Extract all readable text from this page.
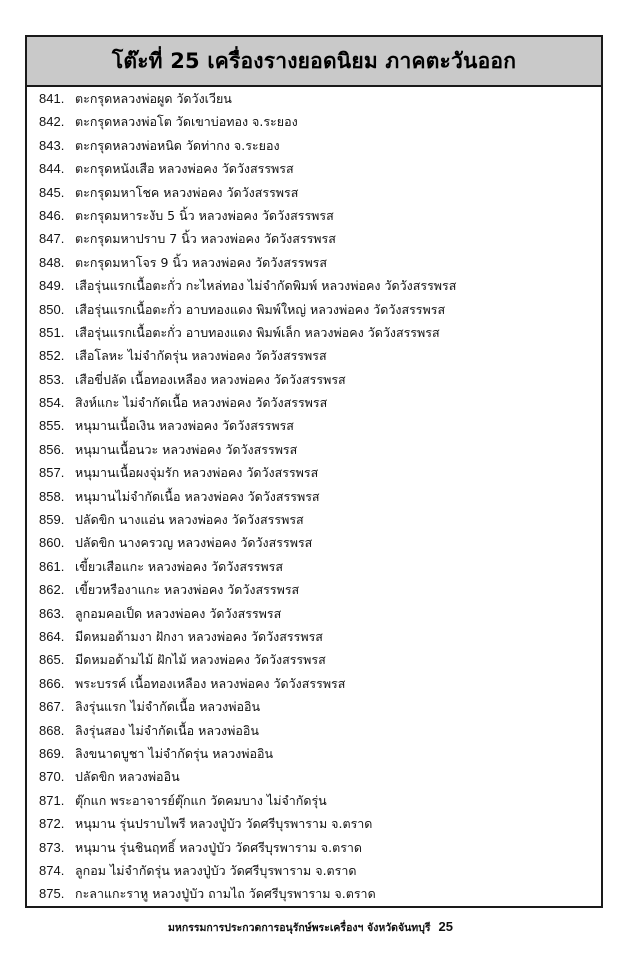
โต๊ะที่ 25 เครื่องรางยอดนิยม ภาคตะวันออก
841. ตะกรุดหลวงพ่อผูด วัดวังเวียน
842. ตะกรุดหลวงพ่อโต วัดเขาบ่อทอง จ.ระยอง
843. ตะกรุดหลวงพ่อหนิด วัดท่ากง จ.ระยอง
844. ตะกรุดหนังเสือ หลวงพ่อคง วัดวังสรรพรส
845. ตะกรุดมหาโชค หลวงพ่อคง วัดวังสรรพรส
846. ตะกรุดมหาระงับ 5 นิ้ว หลวงพ่อคง วัดวังสรรพรส
847. ตะกรุดมหาปราบ 7 นิ้ว หลวงพ่อคง วัดวังสรรพรส
848. ตะกรุดมหาโจร 9 นิ้ว หลวงพ่อคง วัดวังสรรพรส
849. เสือรุ่นแรกเนื้อตะกั่ว กะไหล่ทอง ไม่จำกัดพิมพ์ หลวงพ่อคง วัดวังสรรพรส
850. เสือรุ่นแรกเนื้อตะกั่ว อาบทองแดง พิมพ์ใหญ่ หลวงพ่อคง วัดวังสรรพรส
851. เสือรุ่นแรกเนื้อตะกั่ว อาบทองแดง พิมพ์เล็ก หลวงพ่อคง วัดวังสรรพรส
852. เสือโลหะ ไม่จำกัดรุ่น หลวงพ่อคง วัดวังสรรพรส
853. เสือขี่ปลัด เนื้อทองเหลือง หลวงพ่อคง วัดวังสรรพรส
854. สิงห์แกะ ไม่จำกัดเนื้อ หลวงพ่อคง วัดวังสรรพรส
855. หนุมานเนื้อเงิน หลวงพ่อคง วัดวังสรรพรส
856. หนุมานเนื้อนวะ หลวงพ่อคง วัดวังสรรพรส
857. หนุมานเนื้อผงจุ่มรัก หลวงพ่อคง วัดวังสรรพรส
858. หนุมานไม่จำกัดเนื้อ หลวงพ่อคง วัดวังสรรพรส
859. ปลัดขิก นางแอ่น หลวงพ่อคง วัดวังสรรพรส
860. ปลัดขิก นางครวญ หลวงพ่อคง วัดวังสรรพรส
861. เขี้ยวเสือแกะ หลวงพ่อคง วัดวังสรรพรส
862. เขี้ยวหรืองาแกะ หลวงพ่อคง วัดวังสรรพรส
863. ลูกอมคอเป็ด หลวงพ่อคง วัดวังสรรพรส
864. มีดหมอด้ามงา ฝักงา หลวงพ่อคง วัดวังสรรพรส
865. มีดหมอด้ามไม้ ฝักไม้ หลวงพ่อคง วัดวังสรรพรส
866. พระบรรค์ เนื้อทองเหลือง หลวงพ่อคง วัดวังสรรพรส
867. ลิงรุ่นแรก ไม่จำกัดเนื้อ หลวงพ่ออิน
868. ลิงรุ่นสอง ไม่จำกัดเนื้อ หลวงพ่ออิน
869. ลิงขนาดบูชา ไม่จำกัดรุ่น หลวงพ่ออิน
870. ปลัดขิก หลวงพ่ออิน
871. ตุ๊กแก พระอาจารย์ตุ๊กแก วัดคมบาง ไม่จำกัดรุ่น
872. หนุมาน รุ่นปราบไพรี หลวงปู่บัว วัดศรีบุรพาราม จ.ตราด
873. หนุมาน รุ่นชินฤทธิ์ หลวงปู่บัว วัดศรีบุรพาราม จ.ตราด
874. ลูกอม ไม่จำกัดรุ่น หลวงปู่บัว วัดศรีบุรพาราม จ.ตราด
875. กะลาแกะราหู หลวงปู่บัว ถามไถ วัดศรีบุรพาราม จ.ตราด
มหกรรมการประกวดการอนุรักษ์พระเครื่องฯ จังหวัดจันทบุรี 25
